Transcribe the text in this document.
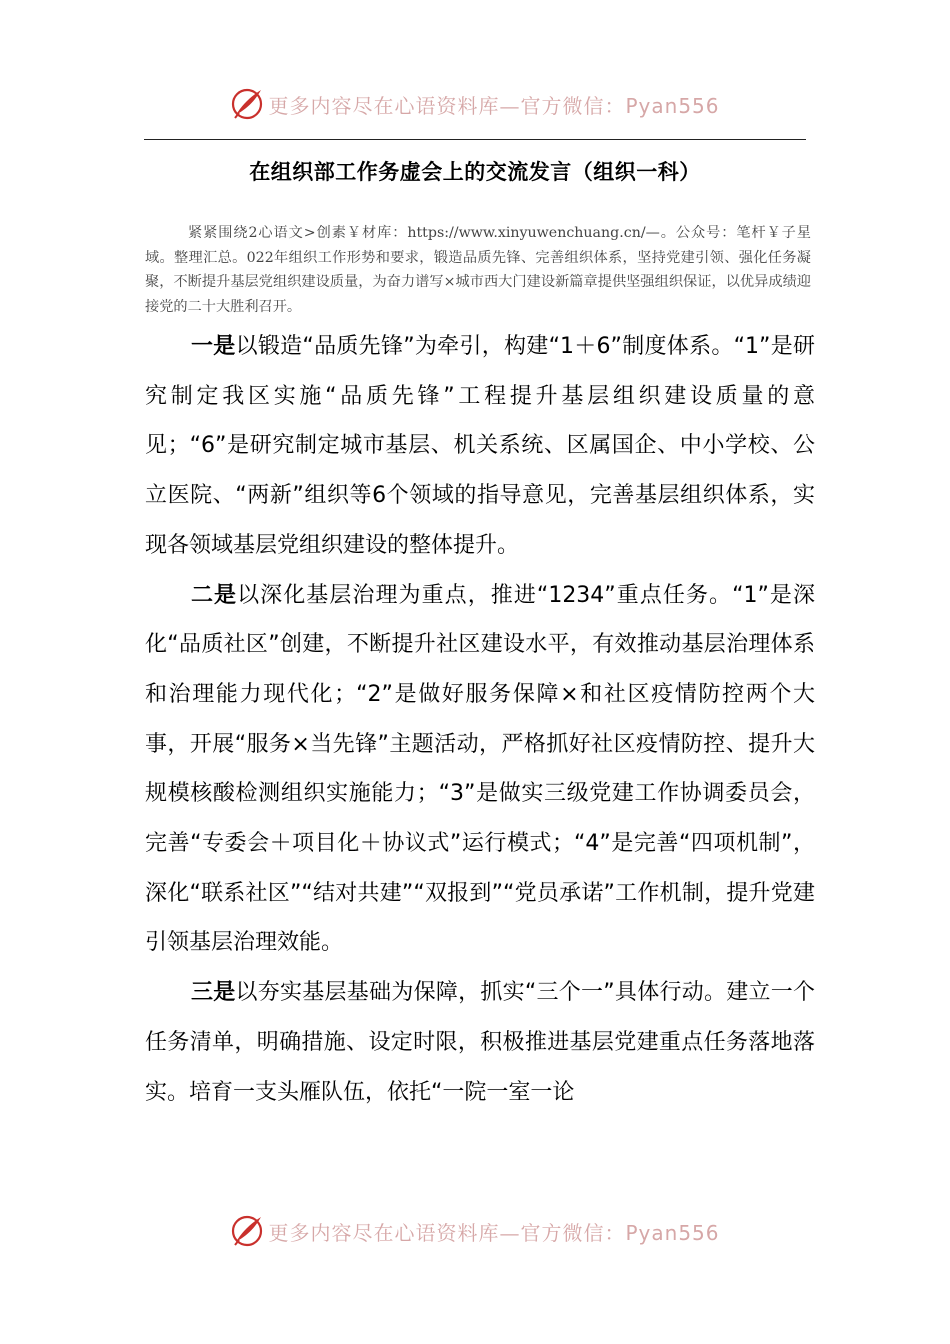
更多内容尽在心语资料库—官方微信：Pyan556
在组织部工作务虚会上的交流发言（组织一科）
紧紧围绕2心语文>创素￥材库：https://www.xinyuwenchuang.cn/—。公众号：笔杆￥子星域。整理汇总。022年组织工作形势和要求，锻造品质先锋、完善组织体系，坚持党建引领、强化任务凝聚，不断提升基层党组织建设质量，为奋力谱写×城市西大门建设新篇章提供坚强组织保证，以优异成绩迎接党的二十大胜利召开。

一是以锻造“品质先锋”为牵引，构建“1＋6”制度体系。“1”是研究制定我区实施“品质先锋”工程提升基层组织建设质量的意见；“6”是研究制定城市基层、机关系统、区属国企、中小学校、公立医院、“两新”组织等6个领域的指导意见，完善基层组织体系，实现各领域基层党组织建设的整体提升。

二是以深化基层治理为重点，推进“1234”重点任务。“1”是深化“品质社区”创建，不断提升社区建设水平，有效推动基层治理体系和治理能力现代化；“2”是做好服务保障×和社区疫情防控两个大事，开展“服务×当先锋”主题活动，严格抓好社区疫情防控、提升大规模核酸检测组织实施能力；“3”是做实三级党建工作协调委员会，完善“专委会＋项目化＋协议式”运行模式；“4”是完善“四项机制”，深化“联系社区”“结对共建”“双报到”“党员承诺”工作机制，提升党建引领基层治理效能。

三是以夯实基层基础为保障，抓实“三个一”具体行动。建立一个任务清单，明确措施、设定时限，积极推进基层党建重点任务落地落实。培育一支头雁队伍，依托“一院一室一论

更多内容尽在心语资料库—官方微信：Pyan556
